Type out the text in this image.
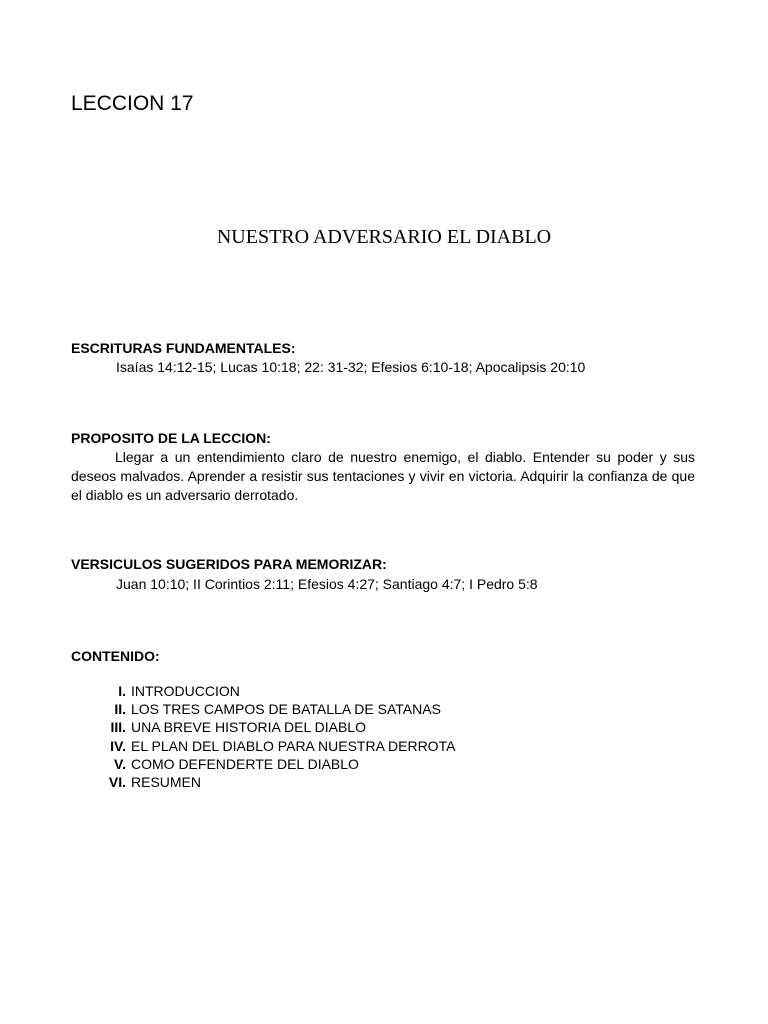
LECCION 17
NUESTRO ADVERSARIO EL DIABLO
ESCRITURAS FUNDAMENTALES:
Isaías 14:12-15; Lucas 10:18; 22: 31-32; Efesios 6:10-18; Apocalipsis 20:10
PROPOSITO DE LA LECCION:

Llegar a un entendimiento claro de nuestro enemigo, el diablo. Entender su poder y sus deseos malvados. Aprender a resistir sus tentaciones y vivir en victoria. Adquirir la confianza de que el diablo es un adversario derrotado.

VERSICULOS SUGERIDOS PARA MEMORIZAR:
Juan 10:10; II Corintios 2:11; Efesios 4:27; Santiago 4:7; I Pedro 5:8
CONTENIDO:
I. INTRODUCCION
II. LOS TRES CAMPOS DE BATALLA DE SATANAS
III. UNA BREVE HISTORIA DEL DIABLO
IV. EL PLAN DEL DIABLO PARA NUESTRA DERROTA
V. COMO DEFENDERTE DEL DIABLO
VI. RESUMEN
